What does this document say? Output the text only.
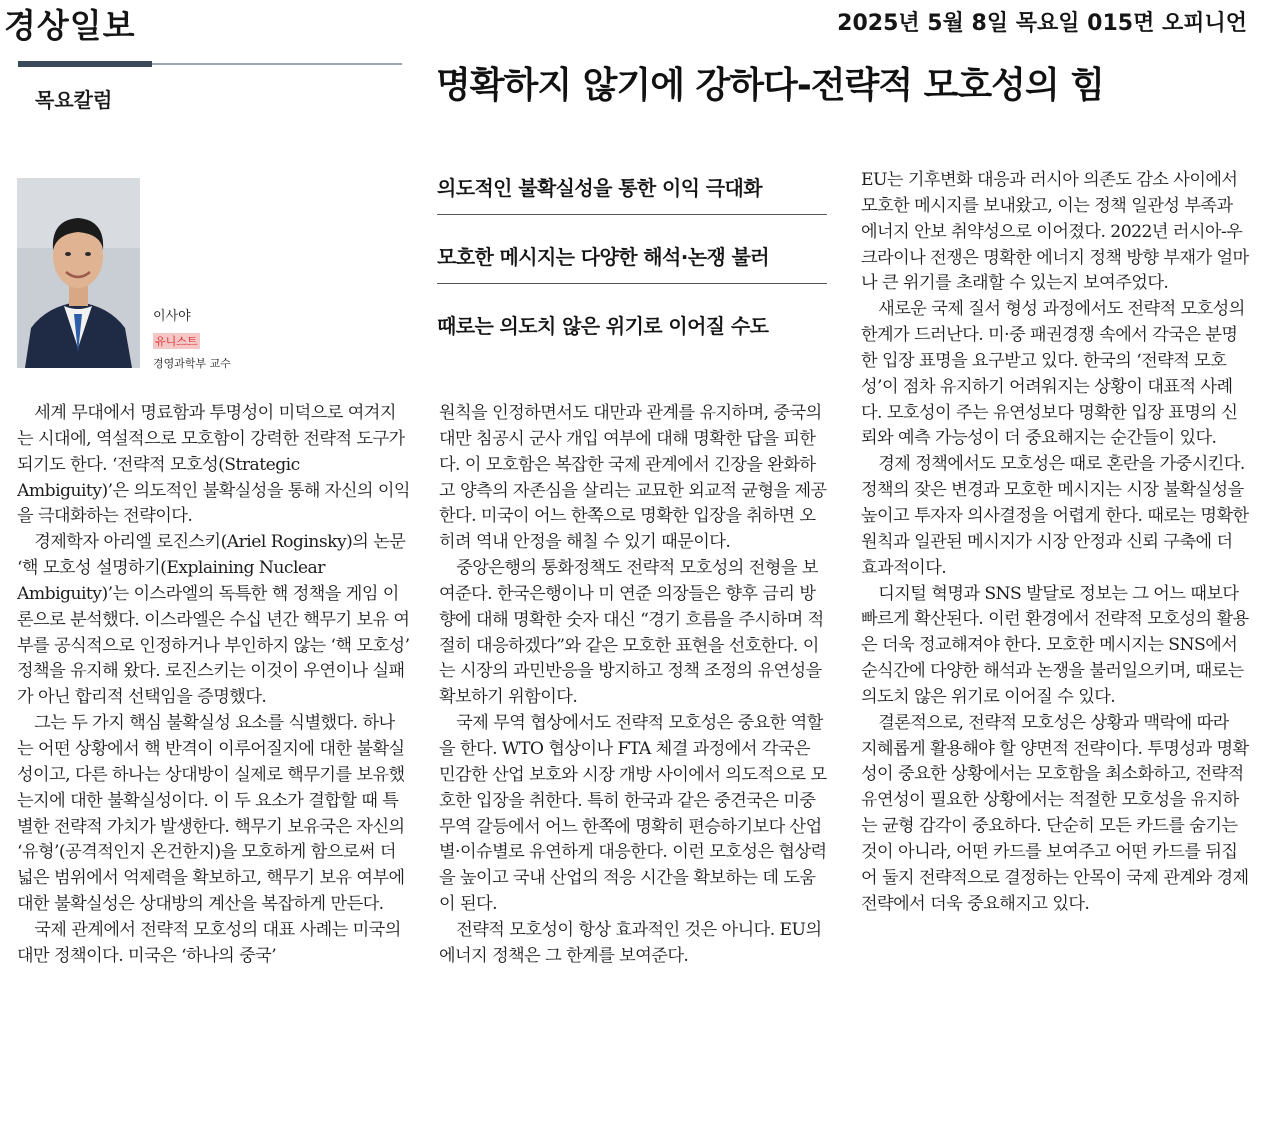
경상일보	2025년 5월 8일 목요일 015면 오피니언
목요칼럼	명확하지 않기에 강하다-전략적 모호성의 힘
이사야
유니스트
경영과학부 교수
의도적인 불확실성을 통한 이익 극대화
모호한 메시지는 다양한 해석·논쟁 불러
때로는 의도치 않은 위기로 이어질 수도

세계 무대에서 명료함과 투명성이 미덕으로 여겨지는 시대에, 역설적으로 모호함이 강력한 전략적 도구가 되기도 한다. ‘전략적 모호성(Strategic Ambiguity)’은 의도적인 불확실성을 통해 자신의 이익을 극대화하는 전략이다.

경제학자 아리엘 로진스키(Ariel Roginsky)의 논문 ‘핵 모호성 설명하기(Explaining Nuclear Ambiguity)’는 이스라엘의 독특한 핵 정책을 게임 이론으로 분석했다. 이스라엘은 수십 년간 핵무기 보유 여부를 공식적으로 인정하거나 부인하지 않는 ‘핵 모호성’ 정책을 유지해 왔다. 로진스키는 이것이 우연이나 실패가 아닌 합리적 선택임을 증명했다.

그는 두 가지 핵심 불확실성 요소를 식별했다. 하나는 어떤 상황에서 핵 반격이 이루어질지에 대한 불확실성이고, 다른 하나는 상대방이 실제로 핵무기를 보유했는지에 대한 불확실성이다. 이 두 요소가 결합할 때 특별한 전략적 가치가 발생한다. 핵무기 보유국은 자신의 ‘유형’(공격적인지 온건한지)을 모호하게 함으로써 더 넓은 범위에서 억제력을 확보하고, 핵무기 보유 여부에 대한 불확실성은 상대방의 계산을 복잡하게 만든다.

국제 관계에서 전략적 모호성의 대표 사례는 미국의 대만 정책이다. 미국은 ‘하나의 중국’

원칙을 인정하면서도 대만과 관계를 유지하며, 중국의 대만 침공시 군사 개입 여부에 대해 명확한 답을 피한다. 이 모호함은 복잡한 국제 관계에서 긴장을 완화하고 양측의 자존심을 살리는 교묘한 외교적 균형을 제공한다. 미국이 어느 한쪽으로 명확한 입장을 취하면 오히려 역내 안정을 해칠 수 있기 때문이다.

중앙은행의 통화정책도 전략적 모호성의 전형을 보여준다. 한국은행이나 미 연준 의장들은 향후 금리 방향에 대해 명확한 숫자 대신 “경기 흐름을 주시하며 적절히 대응하겠다”와 같은 모호한 표현을 선호한다. 이는 시장의 과민반응을 방지하고 정책 조정의 유연성을 확보하기 위함이다.

국제 무역 협상에서도 전략적 모호성은 중요한 역할을 한다. WTO 협상이나 FTA 체결 과정에서 각국은 민감한 산업 보호와 시장 개방 사이에서 의도적으로 모호한 입장을 취한다. 특히 한국과 같은 중견국은 미중 무역 갈등에서 어느 한쪽에 명확히 편승하기보다 산업별·이슈별로 유연하게 대응한다. 이런 모호성은 협상력을 높이고 국내 산업의 적응 시간을 확보하는 데 도움이 된다.

전략적 모호성이 항상 효과적인 것은 아니다. EU의 에너지 정책은 그 한계를 보여준다.

EU는 기후변화 대응과 러시아 의존도 감소 사이에서 모호한 메시지를 보내왔고, 이는 정책 일관성 부족과 에너지 안보 취약성으로 이어졌다. 2022년 러시아-우크라이나 전쟁은 명확한 에너지 정책 방향 부재가 얼마나 큰 위기를 초래할 수 있는지 보여주었다.

새로운 국제 질서 형성 과정에서도 전략적 모호성의 한계가 드러난다. 미·중 패권경쟁 속에서 각국은 분명한 입장 표명을 요구받고 있다. 한국의 ‘전략적 모호성’이 점차 유지하기 어려워지는 상황이 대표적 사례다. 모호성이 주는 유연성보다 명확한 입장 표명의 신뢰와 예측 가능성이 더 중요해지는 순간들이 있다.

경제 정책에서도 모호성은 때로 혼란을 가중시킨다. 정책의 잦은 변경과 모호한 메시지는 시장 불확실성을 높이고 투자자 의사결정을 어렵게 한다. 때로는 명확한 원칙과 일관된 메시지가 시장 안정과 신뢰 구축에 더 효과적이다.

디지털 혁명과 SNS 발달로 정보는 그 어느 때보다 빠르게 확산된다. 이런 환경에서 전략적 모호성의 활용은 더욱 정교해져야 한다. 모호한 메시지는 SNS에서 순식간에 다양한 해석과 논쟁을 불러일으키며, 때로는 의도치 않은 위기로 이어질 수 있다.

결론적으로, 전략적 모호성은 상황과 맥락에 따라 지혜롭게 활용해야 할 양면적 전략이다. 투명성과 명확성이 중요한 상황에서는 모호함을 최소화하고, 전략적 유연성이 필요한 상황에서는 적절한 모호성을 유지하는 균형 감각이 중요하다. 단순히 모든 카드를 숨기는 것이 아니라, 어떤 카드를 보여주고 어떤 카드를 뒤집어 둘지 전략적으로 결정하는 안목이 국제 관계와 경제 전략에서 더욱 중요해지고 있다.
